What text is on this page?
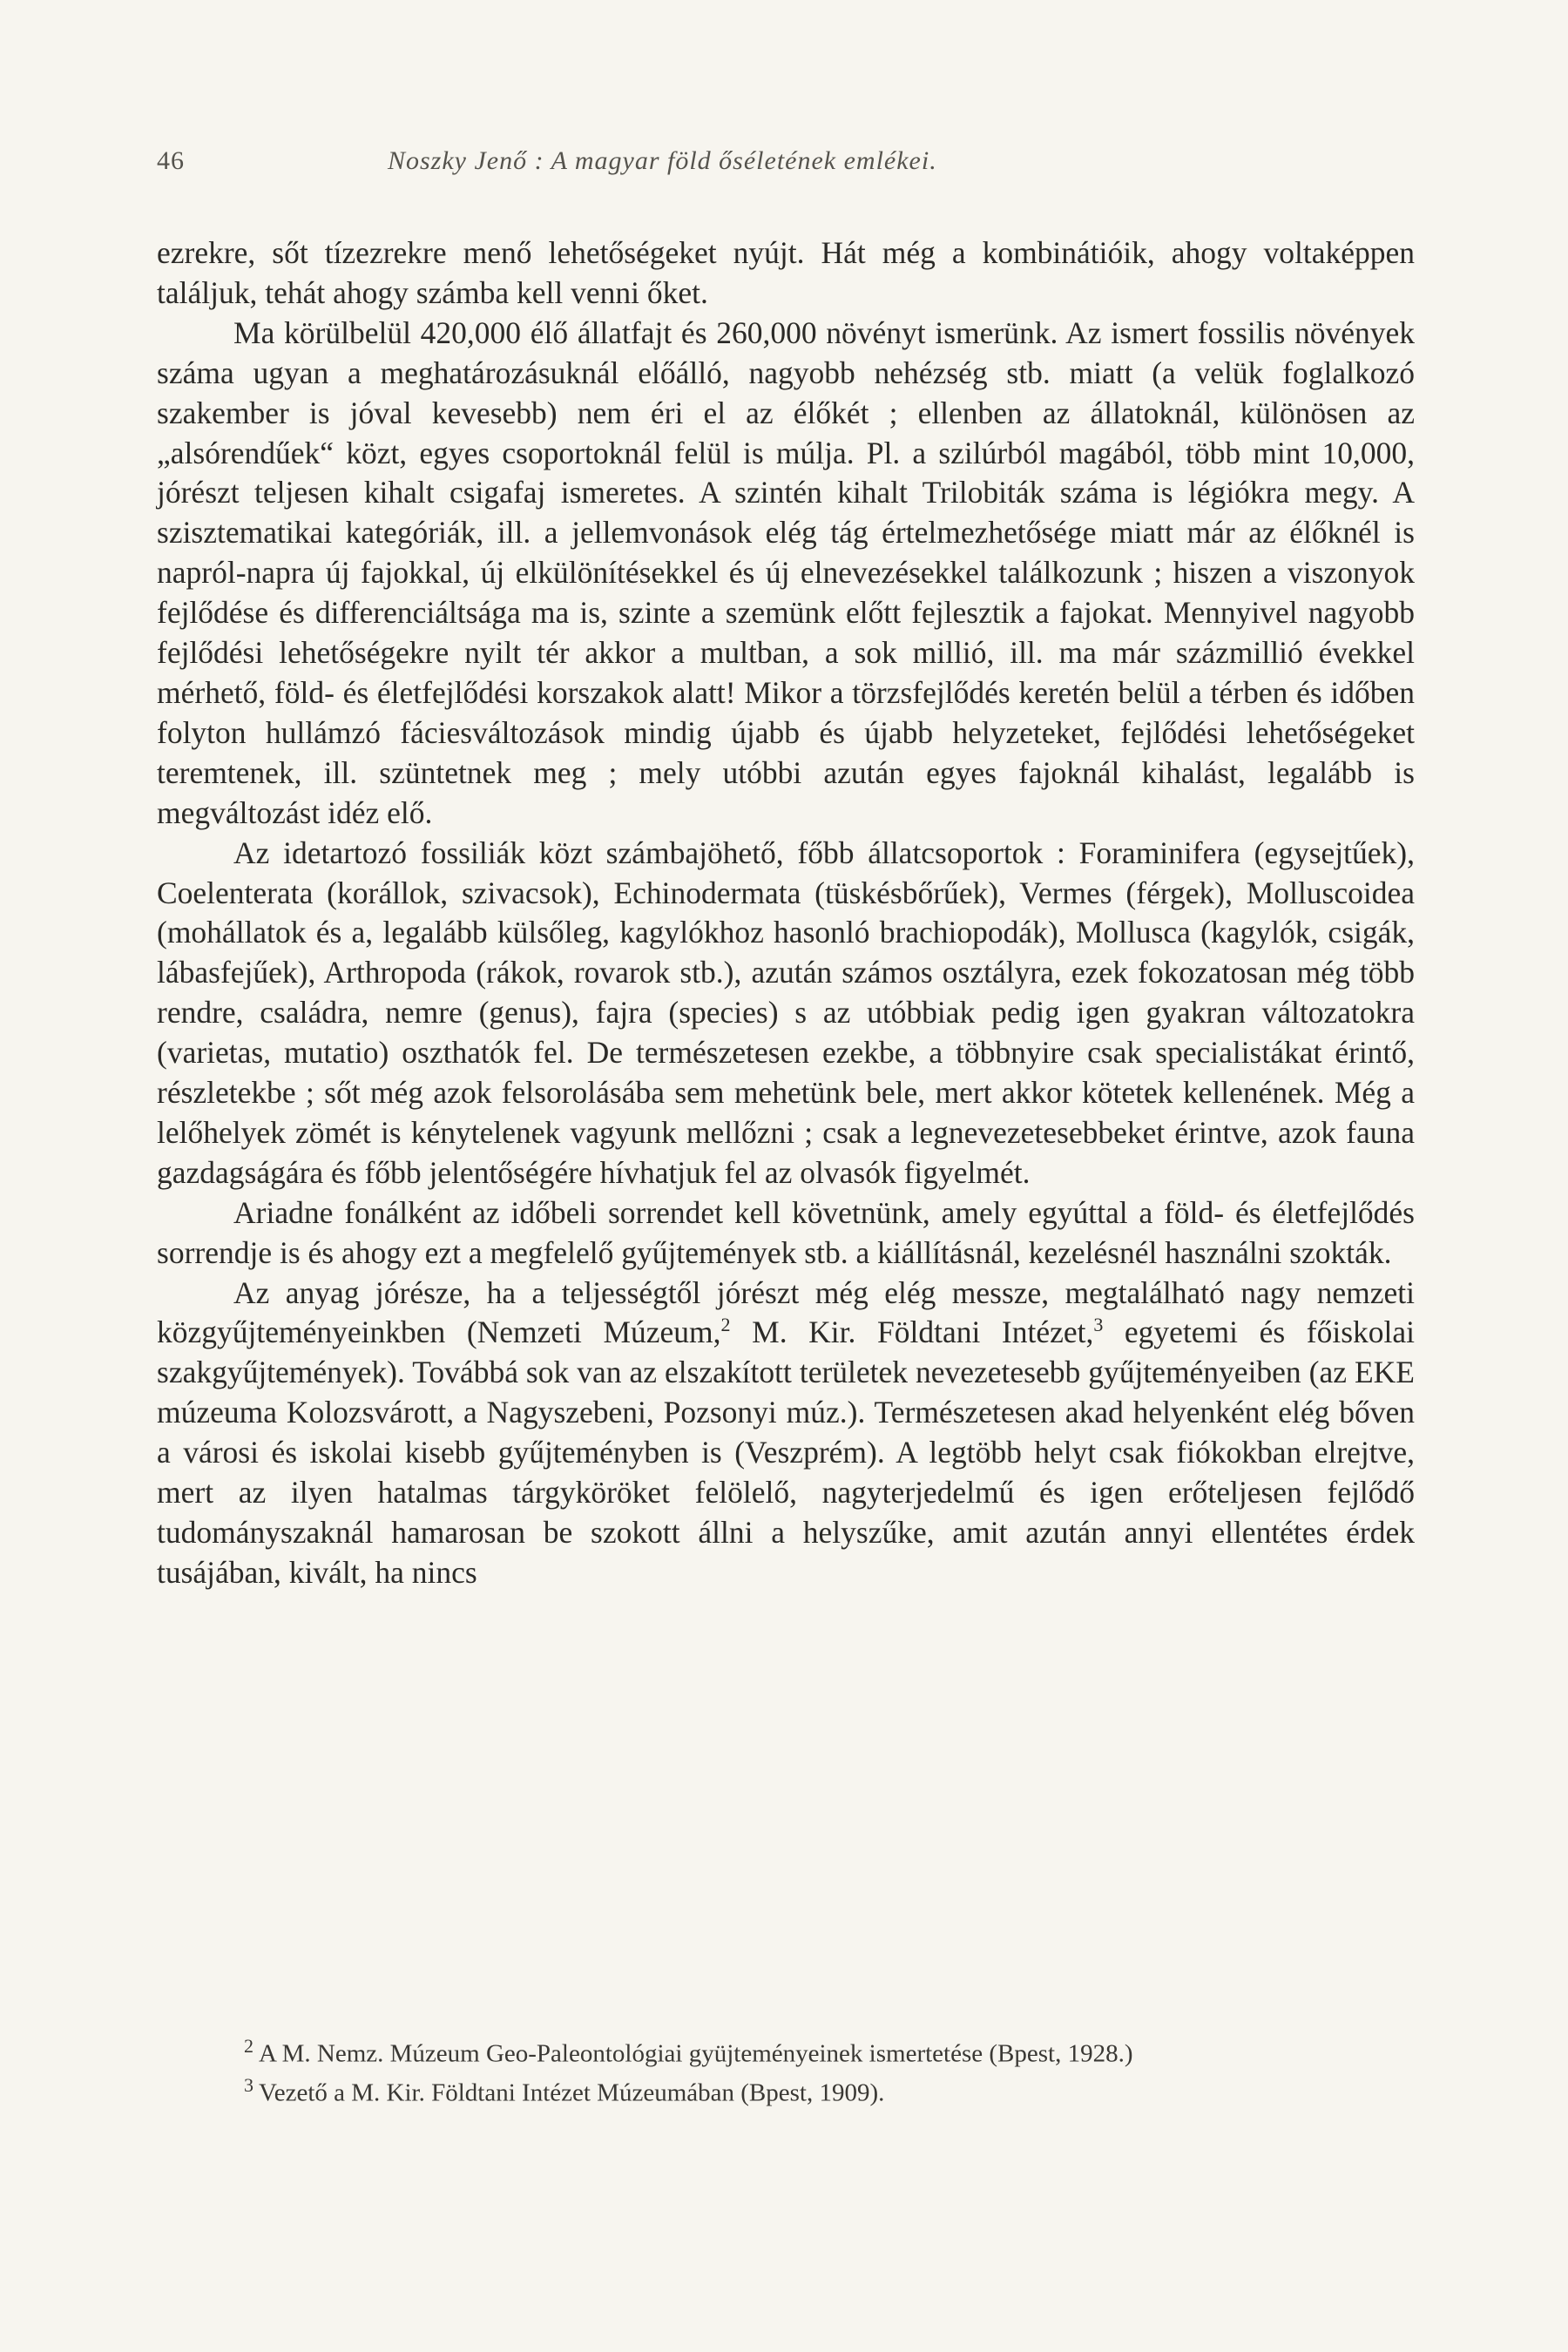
46	Noszky Jenő : A magyar föld őséletének emlékei.

ezrekre, sőt tízezrekre menő lehetőségeket nyújt. Hát még a kombinátióik, ahogy voltaképpen találjuk, tehát ahogy számba kell venni őket.

Ma körülbelül 420,000 élő állatfajt és 260,000 növényt ismerünk. Az ismert fossilis növények száma ugyan a meghatározásuknál előálló, nagyobb nehézség stb. miatt (a velük foglalkozó szakember is jóval kevesebb) nem éri el az élőkét ; ellenben az állatoknál, különösen az „alsórendűek“ közt, egyes csoportoknál felül is múlja. Pl. a szilúrból magából, több mint 10,000, jórészt teljesen kihalt csigafaj ismeretes. A szintén kihalt Trilobiták száma is légiókra megy. A szisztematikai kategóriák, ill. a jellemvonások elég tág értelmezhetősége miatt már az élőknél is napról-napra új fajokkal, új elkülönítésekkel és új elnevezésekkel találkozunk ; hiszen a viszonyok fejlődése és differenciáltsága ma is, szinte a szemünk előtt fejlesztik a fajokat. Mennyivel nagyobb fejlődési lehetőségekre nyilt tér akkor a multban, a sok millió, ill. ma már százmillió évekkel mérhető, föld- és életfejlődési korszakok alatt! Mikor a törzsfejlődés keretén belül a térben és időben folyton hullámzó fáciesváltozások mindig újabb és újabb helyzeteket, fejlődési lehetőségeket teremtenek, ill. szüntetnek meg ; mely utóbbi azután egyes fajoknál kihalást, legalább is megváltozást idéz elő.

Az idetartozó fossiliák közt számbajöhető, főbb állatcsoportok : Foraminifera (egysejtűek), Coelenterata (korállok, szivacsok), Echinodermata (tüskésbőrűek), Vermes (férgek), Molluscoidea (mohállatok és a, legalább külsőleg, kagylókhoz hasonló brachiopodák), Mollusca (kagylók, csigák, lábasfejűek), Arthropoda (rákok, rovarok stb.), azután számos osztályra, ezek fokozatosan még több rendre, családra, nemre (genus), fajra (species) s az utóbbiak pedig igen gyakran változatokra (varietas, mutatio) oszthatók fel. De természetesen ezekbe, a többnyire csak specialistákat érintő, részletekbe ; sőt még azok felsorolásába sem mehetünk bele, mert akkor kötetek kellenének. Még a lelőhelyek zömét is kénytelenek vagyunk mellőzni ; csak a legnevezetesebbeket érintve, azok fauna gazdagságára és főbb jelentőségére hívhatjuk fel az olvasók figyelmét.

Ariadne fonálként az időbeli sorrendet kell követnünk, amely egyúttal a föld- és életfejlődés sorrendje is és ahogy ezt a megfelelő gyűjtemények stb. a kiállításnál, kezelésnél használni szokták.

Az anyag jórésze, ha a teljességtől jórészt még elég messze, megtalálható nagy nemzeti közgyűjteményeinkben (Nemzeti Múzeum,$^2$ M. Kir. Földtani Intézet,$^3$ egyetemi és főiskolai szakgyűjtemények). Továbbá sok van az elszakított területek nevezetesebb gyűjteményeiben (az EKE múzeuma Kolozsvárott, a Nagyszebeni, Pozsonyi múz.). Természetesen akad helyenként elég bőven a városi és iskolai kisebb gyűjteményben is (Veszprém). A legtöbb helyt csak fiókokban elrejtve, mert az ilyen hatalmas tárgyköröket felölelő, nagyterjedelmű és igen erőteljesen fejlődő tudományszaknál hamarosan be szokott állni a helyszűke, amit azután annyi ellentétes érdek tusájában, kivált, ha nincs

$^2$ A M. Nemz. Múzeum Geo-Paleontológiai gyüjteményeinek ismertetése (Bpest, 1928.)

$^3$ Vezető a M. Kir. Földtani Intézet Múzeumában (Bpest, 1909).
